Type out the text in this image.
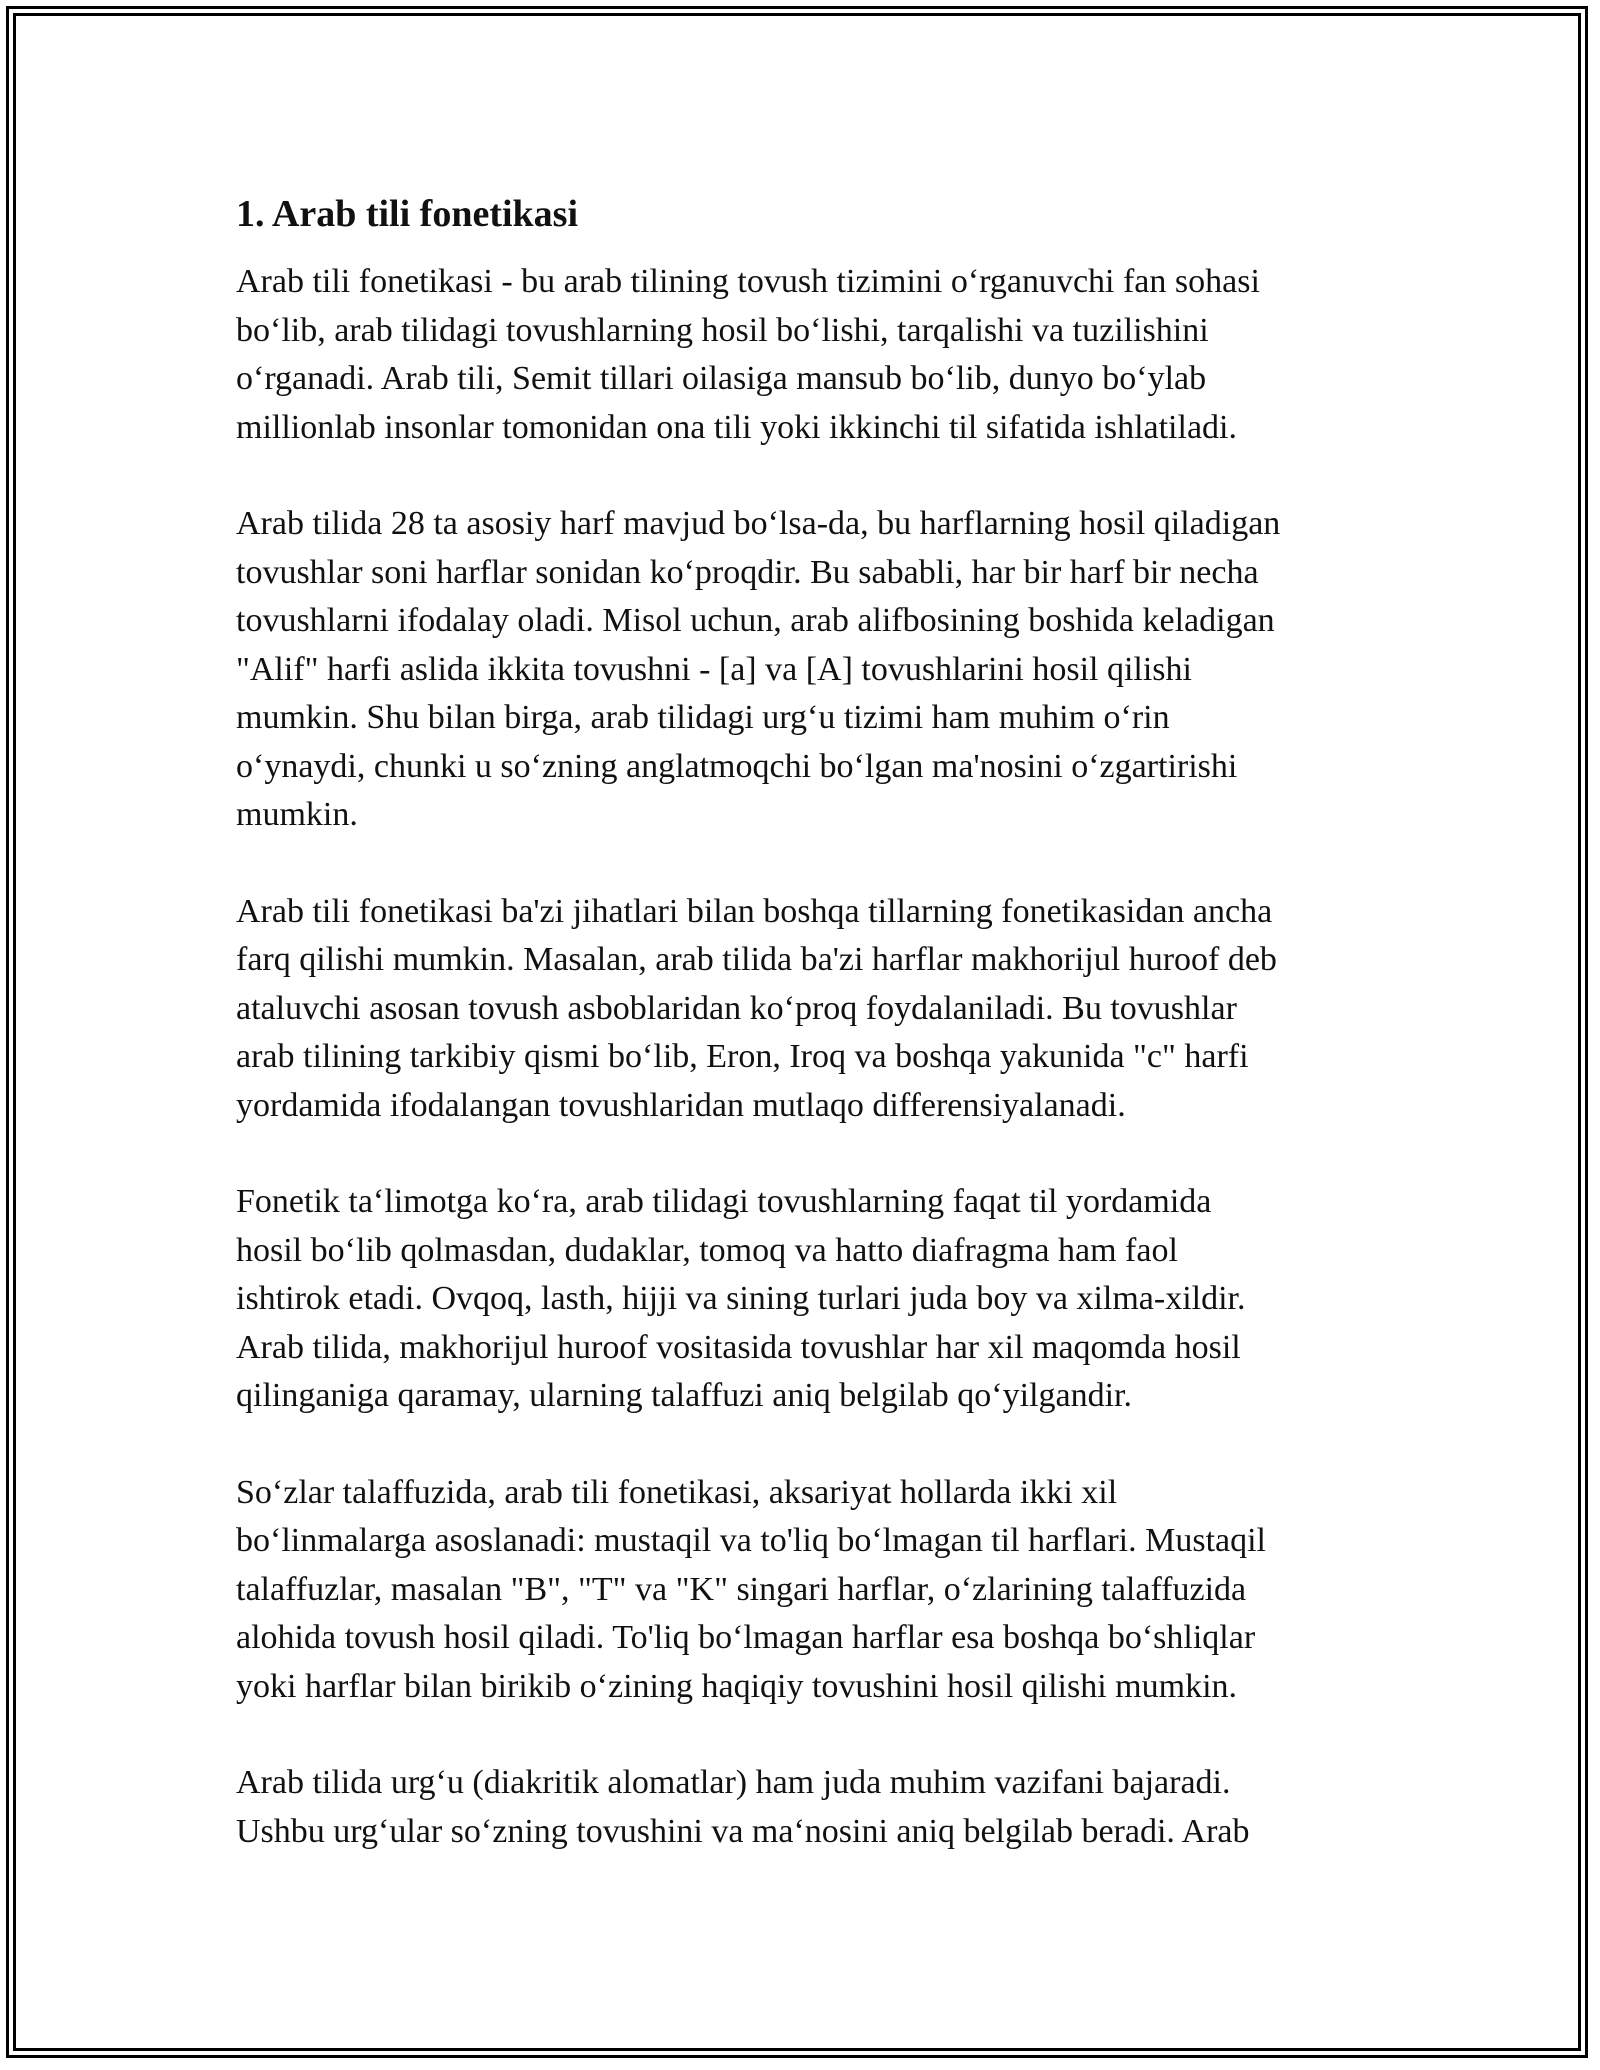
1. Arab tili fonetikasi

Arab tili fonetikasi - bu arab tilining tovush tizimini oʻrganuvchi fan sohasi
boʻlib, arab tilidagi tovushlarning hosil boʻlishi, tarqalishi va tuzilishini
oʻrganadi. Arab tili, Semit tillari oilasiga mansub boʻlib, dunyo boʻylab
millionlab insonlar tomonidan ona tili yoki ikkinchi til sifatida ishlatiladi.

Arab tilida 28 ta asosiy harf mavjud boʻlsa-da, bu harflarning hosil qiladigan
tovushlar soni harflar sonidan koʻproqdir. Bu sababli, har bir harf bir necha
tovushlarni ifodalay oladi. Misol uchun, arab alifbosining boshida keladigan
"Alif" harfi aslida ikkita tovushni - [a] va [A] tovushlarini hosil qilishi
mumkin. Shu bilan birga, arab tilidagi urgʻu tizimi ham muhim oʻrin
oʻynaydi, chunki u soʻzning anglatmoqchi boʻlgan ma'nosini oʻzgartirishi
mumkin.

Arab tili fonetikasi ba'zi jihatlari bilan boshqa tillarning fonetikasidan ancha
farq qilishi mumkin. Masalan, arab tilida ba'zi harflar makhorijul huroof deb
ataluvchi asosan tovush asboblaridan koʻproq foydalaniladi. Bu tovushlar
arab tilining tarkibiy qismi boʻlib, Eron, Iroq va boshqa yakunida "c" harfi
yordamida ifodalangan tovushlaridan mutlaqo differensiyalanadi.

Fonetik taʻlimotga koʻra, arab tilidagi tovushlarning faqat til yordamida
hosil boʻlib qolmasdan, dudaklar, tomoq va hatto diafragma ham faol
ishtirok etadi. Ovqoq, lasth, hijji va sining turlari juda boy va xilma-xildir.
Arab tilida, makhorijul huroof vositasida tovushlar har xil maqomda hosil
qilinganiga qaramay, ularning talaffuzi aniq belgilab qoʻyilgandir.

Soʻzlar talaffuzida, arab tili fonetikasi, aksariyat hollarda ikki xil
boʻlinmalarga asoslanadi: mustaqil va to'liq boʻlmagan til harflari. Mustaqil
talaffuzlar, masalan "B", "T" va "K" singari harflar, oʻzlarining talaffuzida
alohida tovush hosil qiladi. To'liq boʻlmagan harflar esa boshqa boʻshliqlar
yoki harflar bilan birikib oʻzining haqiqiy tovushini hosil qilishi mumkin.

Arab tilida urgʻu (diakritik alomatlar) ham juda muhim vazifani bajaradi.
Ushbu urgʻular soʻzning tovushini va maʻnosini aniq belgilab beradi. Arab
